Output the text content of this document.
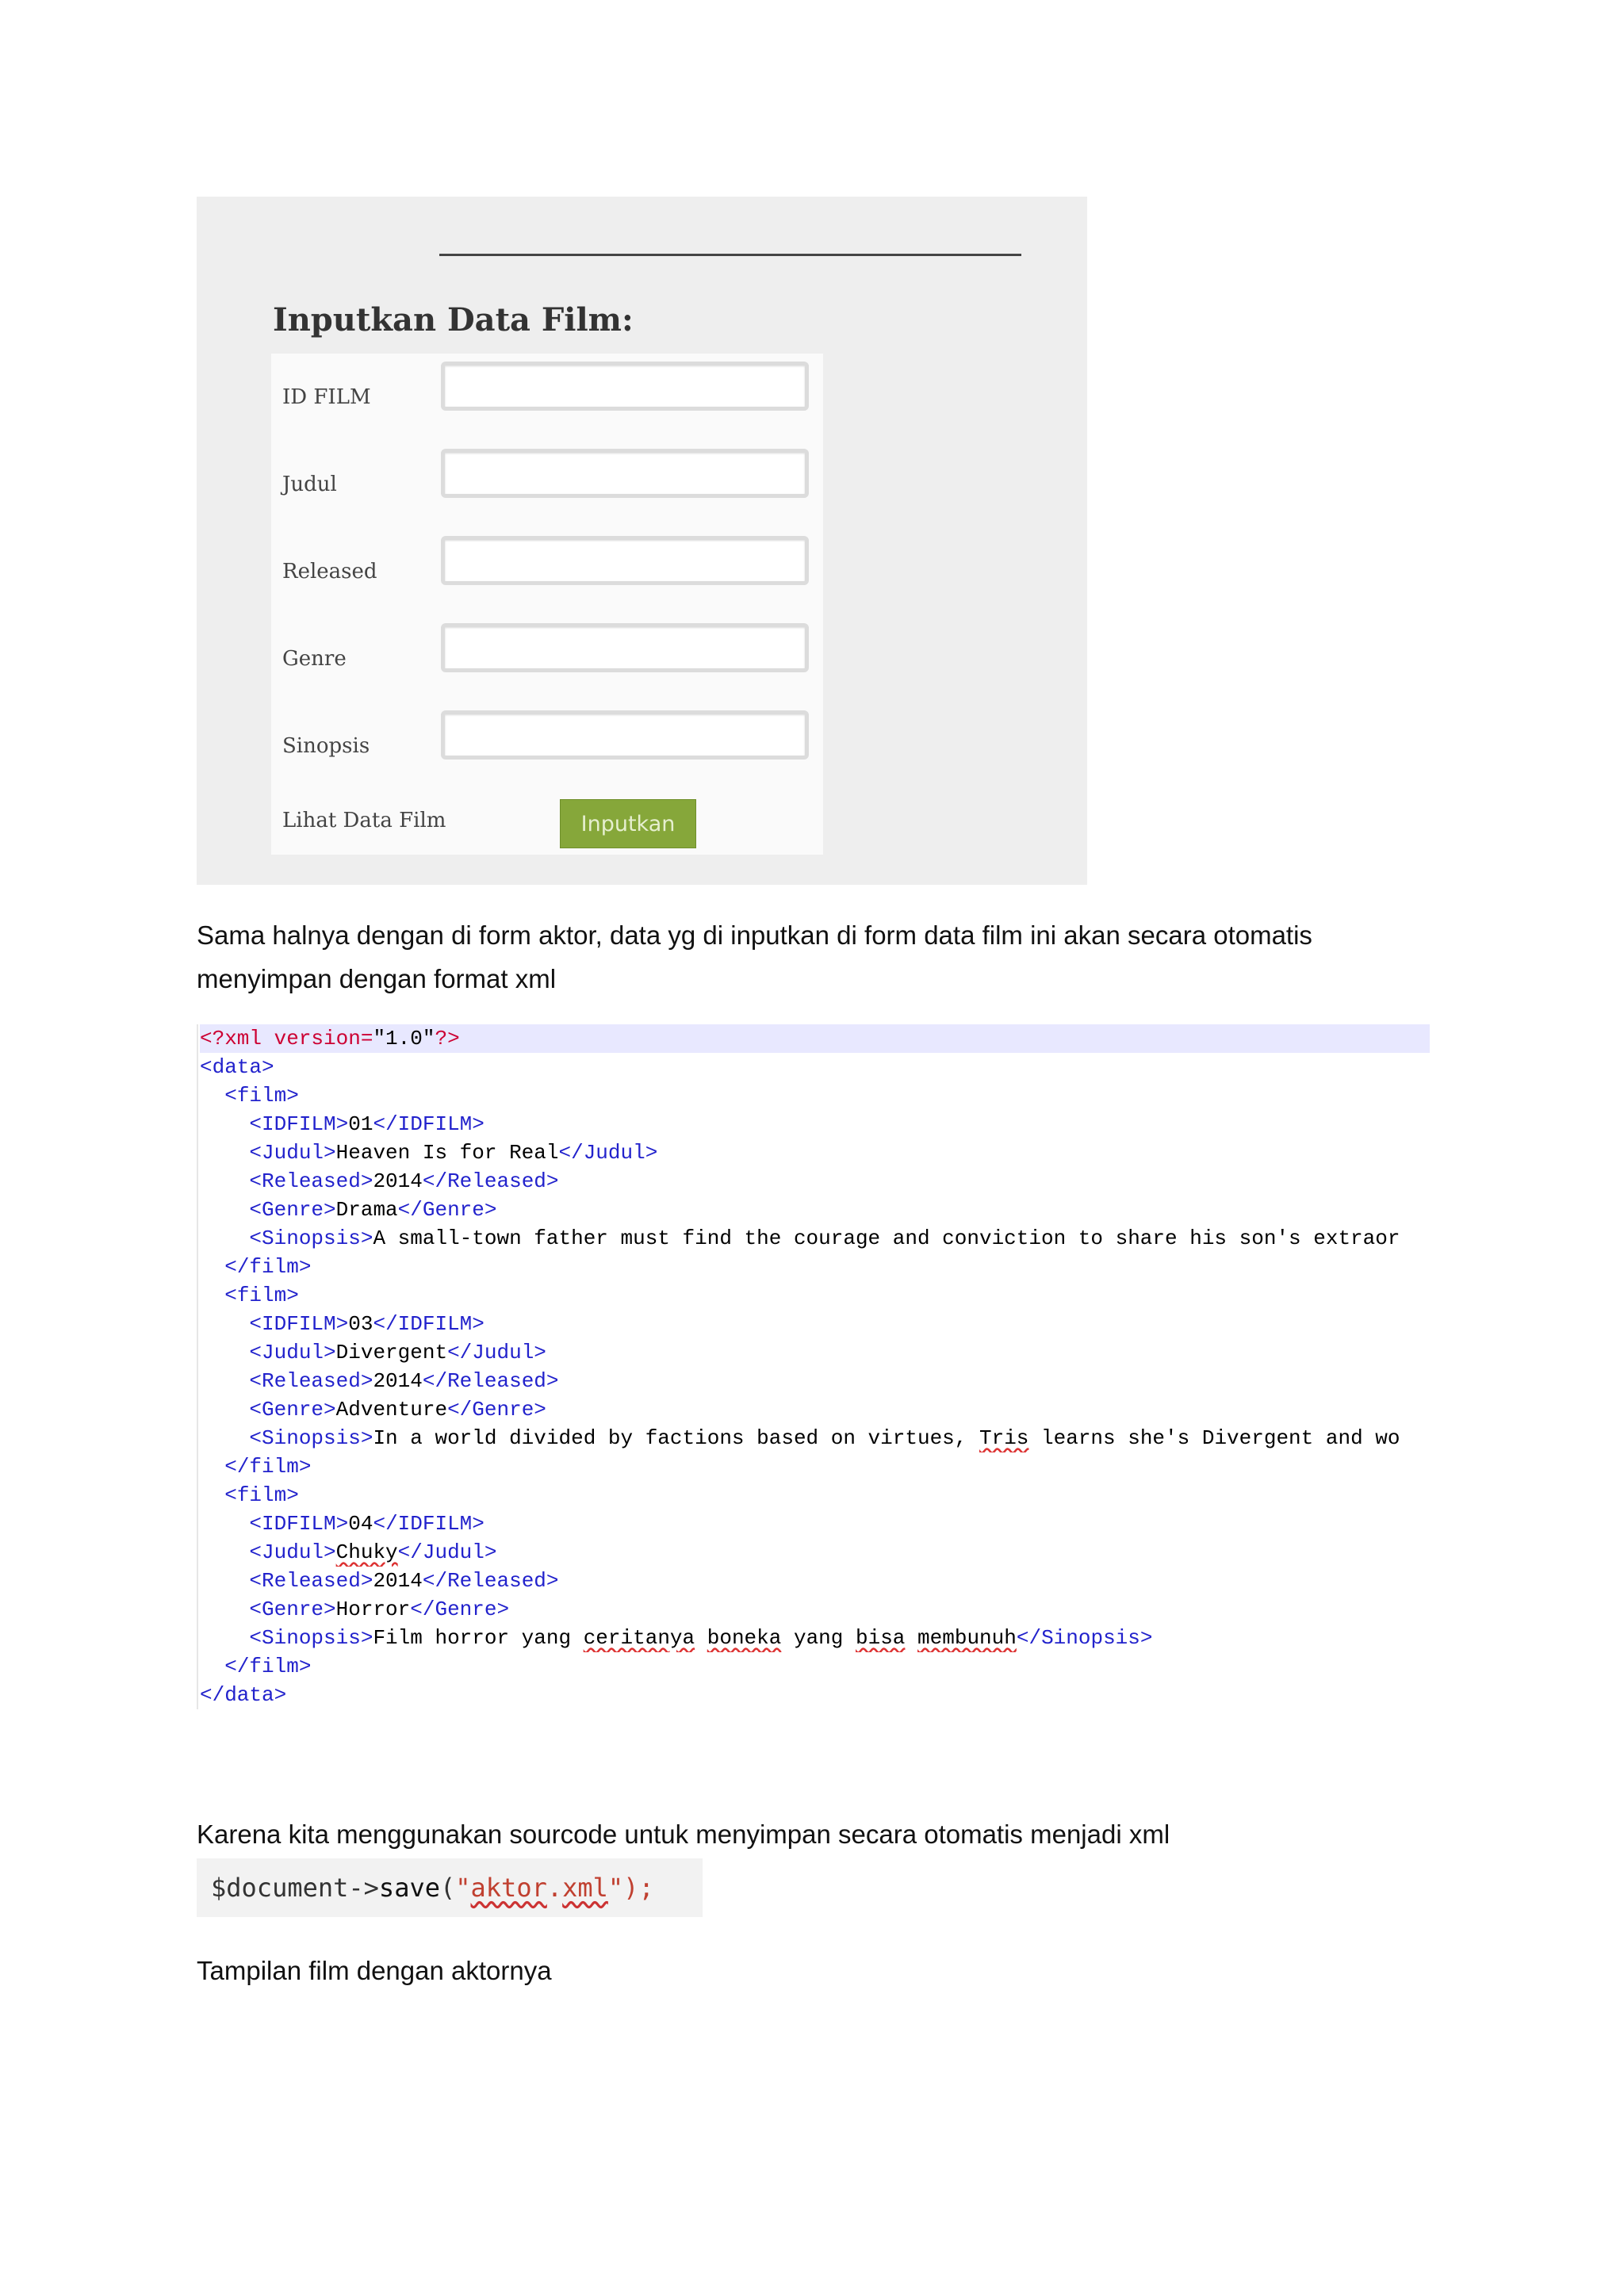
Inputkan Data Film:
ID FILM
Judul
Released
Genre
Sinopsis
Lihat Data Film	Inputkan
Sama halnya dengan di form aktor, data yg di inputkan di form data film ini akan secara otomatis
menyimpan dengan format xml
<?xml version="1.0"?>
<data>
<film>
<IDFILM>01</IDFILM>
<Judul>Heaven Is for Real</Judul>
<Released>2014</Released>
<Genre>Drama</Genre>
<Sinopsis>A small-town father must find the courage and conviction to share his son's extraor
</film>
<film>
<IDFILM>03</IDFILM>
<Judul>Divergent</Judul>
<Released>2014</Released>
<Genre>Adventure</Genre>
<Sinopsis>In a world divided by factions based on virtues, Tris learns she's Divergent and wo
</film>
<film>
<IDFILM>04</IDFILM>
<Judul>Chuky</Judul>
<Released>2014</Released>
<Genre>Horror</Genre>
<Sinopsis>Film horror yang ceritanya boneka yang bisa membunuh</Sinopsis>
</film>
</data>
Karena kita menggunakan sourcode untuk menyimpan secara otomatis menjadi xml

$document->save("aktor.xml");

Tampilan film dengan aktornya
